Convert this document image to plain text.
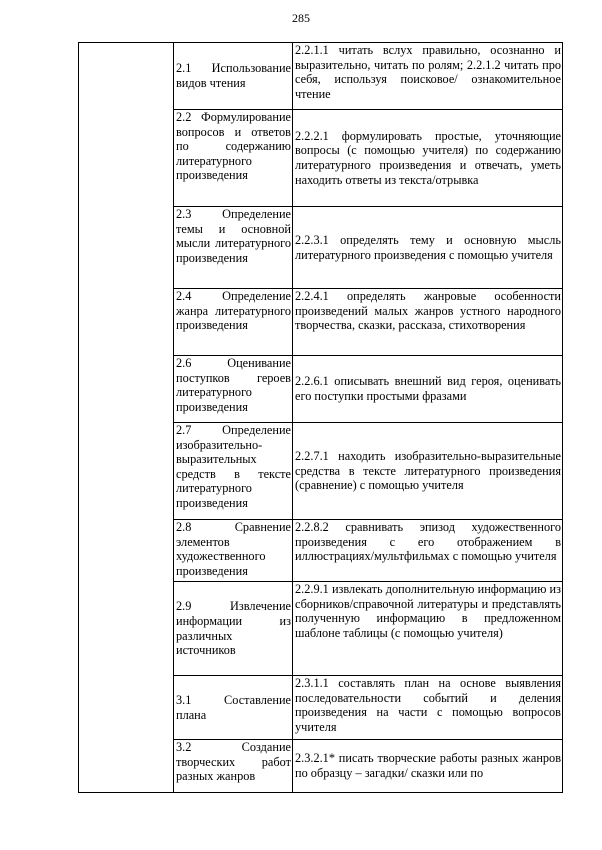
285
	2.1 Использование видов чтения	2.2.1.1 читать вслух правильно, осознанно и выразительно, читать по ролям; 2.2.1.2 читать про себя, используя поисковое/ ознакомительное чтение
	2.2 Формулирование вопросов и ответов по содержанию литературного произведения	2.2.2.1 формулировать простые, уточняющие вопросы (с помощью учителя) по содержанию литературного произведения и отвечать, уметь находить ответы из текста/отрывка
	2.3 Определение темы и основной мысли литературного произведения	2.2.3.1 определять тему и основную мысль литературного произведения с помощью учителя
	2.4 Определение жанра литературного произведения	2.2.4.1 определять жанровые особенности произведений малых жанров устного народного творчества, сказки, рассказа, стихотворения
	2.6 Оценивание поступков героев литературного произведения	2.2.6.1 описывать внешний вид героя, оценивать его поступки простыми фразами
	2.7 Определение изобразительно-выразительных средств в тексте литературного произведения	2.2.7.1 находить изобразительно-выразительные средства в тексте литературного произведения (сравнение) с помощью учителя
	2.8 Сравнение элементов художественного произведения	2.2.8.2 сравнивать эпизод художественного произведения с его отображением в иллюстрациях/мультфильмах с помощью учителя
	2.9 Извлечение информации из различных источников	2.2.9.1 извлекать дополнительную информацию из сборников/справочной литературы и представлять полученную информацию в предложенном шаблоне таблицы (с помощью учителя)
	3.1 Составление плана	2.3.1.1 составлять план на основе выявления последовательности событий и деления произведения на части с помощью вопросов учителя
	3.2 Создание творческих работ разных жанров	2.3.2.1* писать творческие работы разных жанров по образцу – загадки/ сказки или по
